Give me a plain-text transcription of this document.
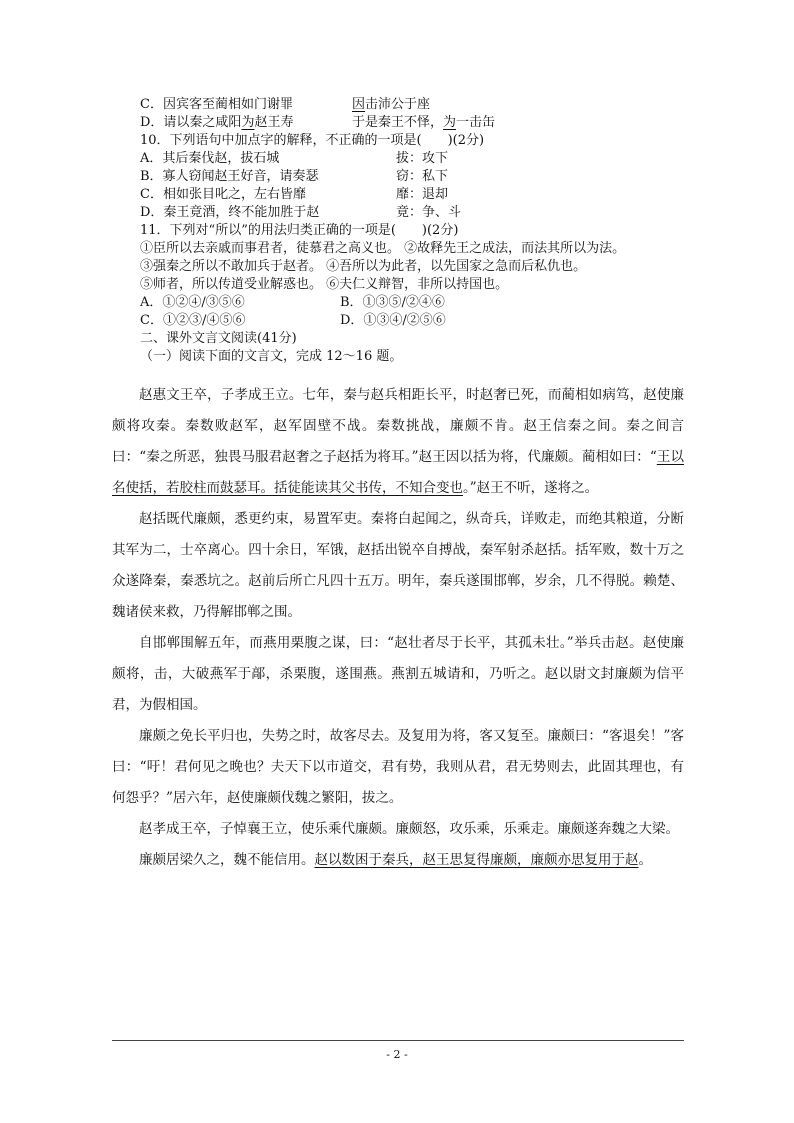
C．因宾客至蔺相如门谢罪	因击沛公于座

D．请以秦之咸阳为赵王寿	于是秦王不怿，为一击缶

10．下列语句中加点字的解释，不正确的一项是(　　)(2分)

A．其后秦伐赵，拔石城	拔：攻下

B．寡人窃闻赵王好音，请奏瑟	窃：私下

C．相如张目叱之，左右皆靡	靡：退却

D．秦王竟酒，终不能加胜于赵	竟：争、斗

11．下列对“所以”的用法归类正确的一项是(　　)(2分)

①臣所以去亲戚而事君者，徒慕君之高义也。 ②故释先王之成法，而法其所以为法。

③强秦之所以不敢加兵于赵者。 ④吾所以为此者，以先国家之急而后私仇也。

⑤师者，所以传道受业解惑也。 ⑥夫仁义辩智，非所以持国也。

A．①②④/③⑤⑥	B．①③⑤/②④⑥

C．①②③/④⑤⑥	D．①③④/②⑤⑥

二、课外文言文阅读(41分)

（一）阅读下面的文言文，完成 12～16 题。

赵惠文王卒，子孝成王立。七年，秦与赵兵相距长平，时赵奢已死，而蔺相如病笃，赵使廉颇将攻秦。秦数败赵军，赵军固壁不战。秦数挑战，廉颇不肯。赵王信秦之间。秦之间言曰：“秦之所恶，独畏马服君赵奢之子赵括为将耳。”赵王因以括为将，代廉颇。蔺相如曰：“王以名使括，若胶柱而鼓瑟耳。括徒能读其父书传，不知合变也。”赵王不听，遂将之。

赵括既代廉颇，悉更约束，易置军吏。秦将白起闻之，纵奇兵，详败走，而绝其粮道，分断其军为二，士卒离心。四十余日，军饿，赵括出锐卒自搏战，秦军射杀赵括。括军败，数十万之众遂降秦，秦悉坑之。赵前后所亡凡四十五万。明年，秦兵遂围邯郸，岁余，几不得脱。赖楚、魏诸侯来救，乃得解邯郸之围。

自邯郸围解五年，而燕用栗腹之谋，曰：“赵壮者尽于长平，其孤未壮。”举兵击赵。赵使廉颇将，击，大破燕军于鄗，杀栗腹，遂围燕。燕割五城请和，乃听之。赵以尉文封廉颇为信平君，为假相国。

廉颇之免长平归也，失势之时，故客尽去。及复用为将，客又复至。廉颇曰：“客退矣！”客曰：“吁！君何见之晚也？夫天下以市道交，君有势，我则从君，君无势则去，此固其理也，有何怨乎？”居六年，赵使廉颇伐魏之繁阳，拔之。

赵孝成王卒，子悼襄王立，使乐乘代廉颇。廉颇怒，攻乐乘，乐乘走。廉颇遂奔魏之大梁。

廉颇居梁久之，魏不能信用。赵以数困于秦兵，赵王思复得廉颇，廉颇亦思复用于赵。

- 2 -
